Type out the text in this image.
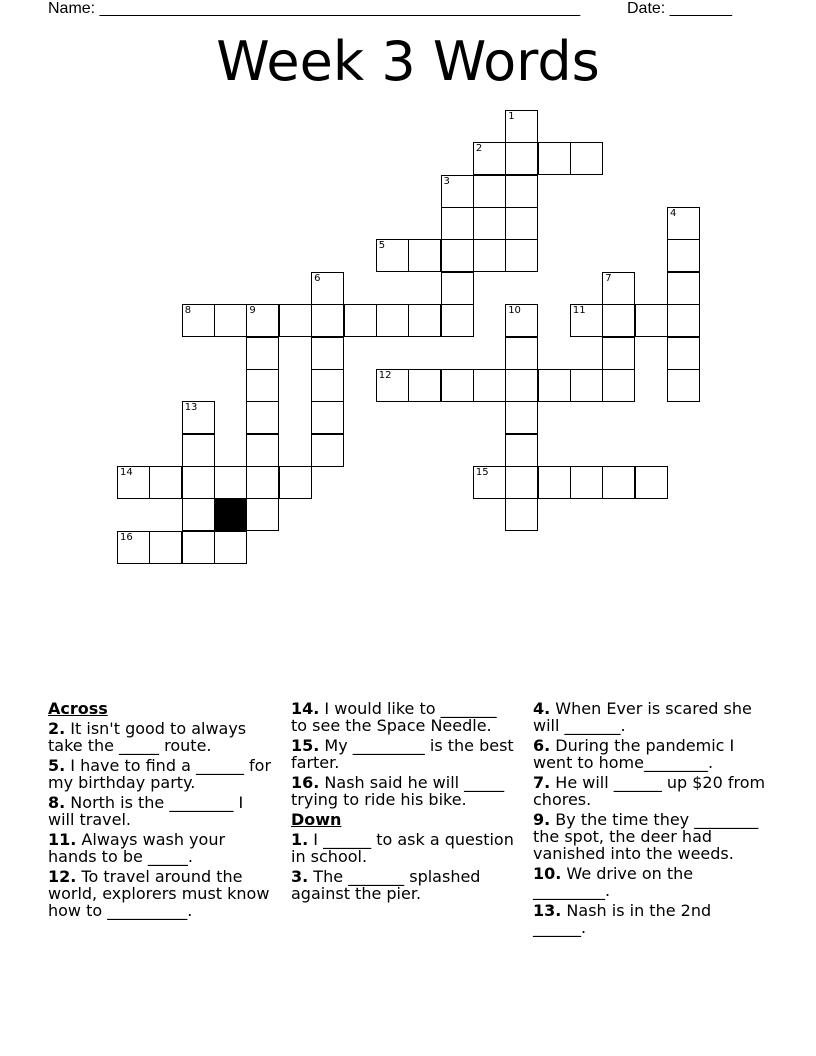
Name: ______________________________________________________	Date: _______
Week 3 Words
1
2
3
4
5
6	7
8	9	10	11
12
13
14	15
16
Across
2. It isn't good to always take the _____ route.
5. I have to find a ______ for my birthday party.
8. North is the ________ I will travel.
11. Always wash your hands to be _____.
12. To travel around the world, explorers must know how to __________.
14. I would like to _______ to see the Space Needle.
15. My _________ is the best farter.
16. Nash said he will _____ trying to ride his bike.
Down
1. I ______ to ask a question in school.
3. The _______ splashed against the pier.
4. When Ever is scared she will _______.
6. During the pandemic I went to home________.
7. He will ______ up $20 from chores.
9. By the time they ________ the spot, the deer had vanished into the weeds.
10. We drive on the _________.
13. Nash is in the 2nd ______.
